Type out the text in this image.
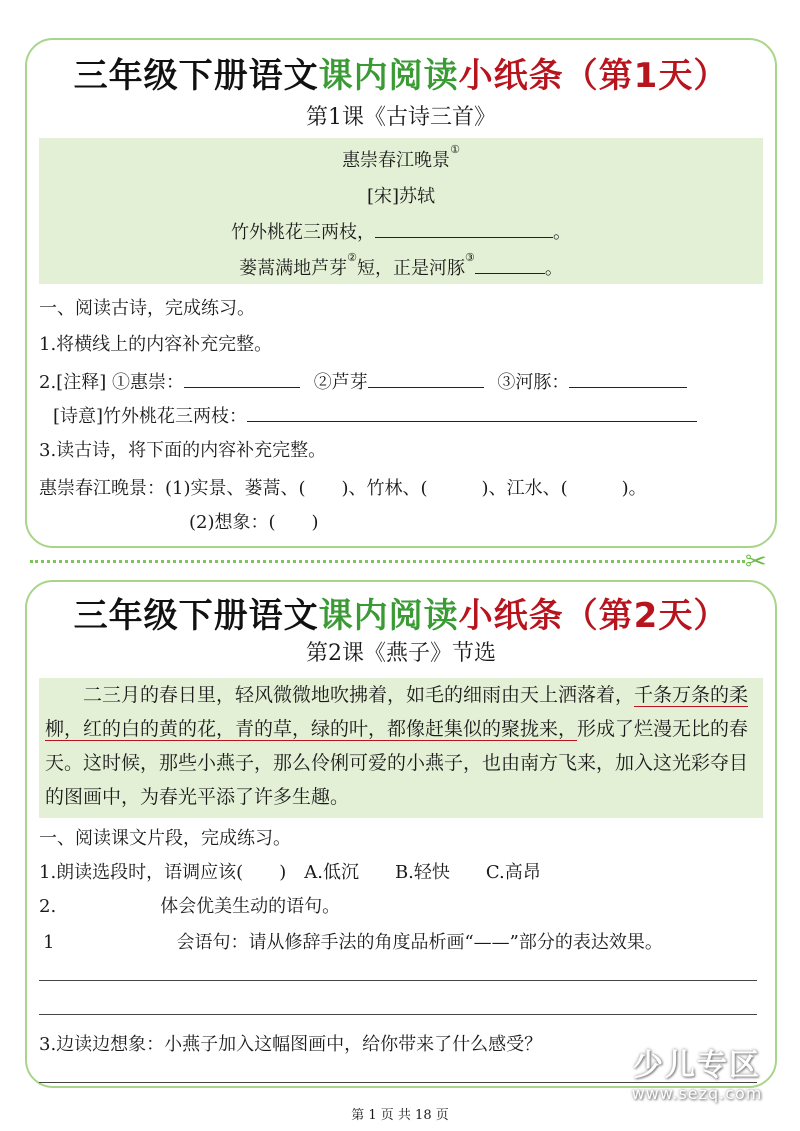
三年级下册语文课内阅读小纸条（第1天）
第1课《古诗三首》
惠崇春江晚景①
[宋]苏轼
竹外桃花三两枝，	。
蒌蒿满地芦芽②短，正是河豚③。
一、阅读古诗，完成练习。
1.将横线上的内容补充完整。
2.[注释] ①惠崇：	②芦芽	③河豚：
[诗意]竹外桃花三两枝：
3.读古诗，将下面的内容补充完整。
惠崇春江晚景：(1)实景、蒌蒿、(　　)、竹林、(　　　)、江水、(　　　)。
(2)想象：(　　)
✂
三年级下册语文课内阅读小纸条（第2天）
第2课《燕子》节选
二三月的春日里，轻风微微地吹拂着，如毛的细雨由天上洒落着，千条万条的柔柳，红的白的黄的花，青的草，绿的叶，都像赶集似的聚拢来，形成了烂漫无比的春天。这时候，那些小燕子，那么伶俐可爱的小燕子，也由南方飞来，加入这光彩夺目的图画中，为春光平添了许多生趣。
一、阅读课文片段，完成练习。
1.朗读选段时，语调应该(　　)　A.低沉　　B.轻快　　C.高昂
2.	体会优美生动的语句。
1	会语句：请从修辞手法的角度品析画“——”部分的表达效果。
3.边读边想象：小燕子加入这幅图画中，给你带来了什么感受？
少儿专区
www.sezq.com
第 1 页 共 18 页
